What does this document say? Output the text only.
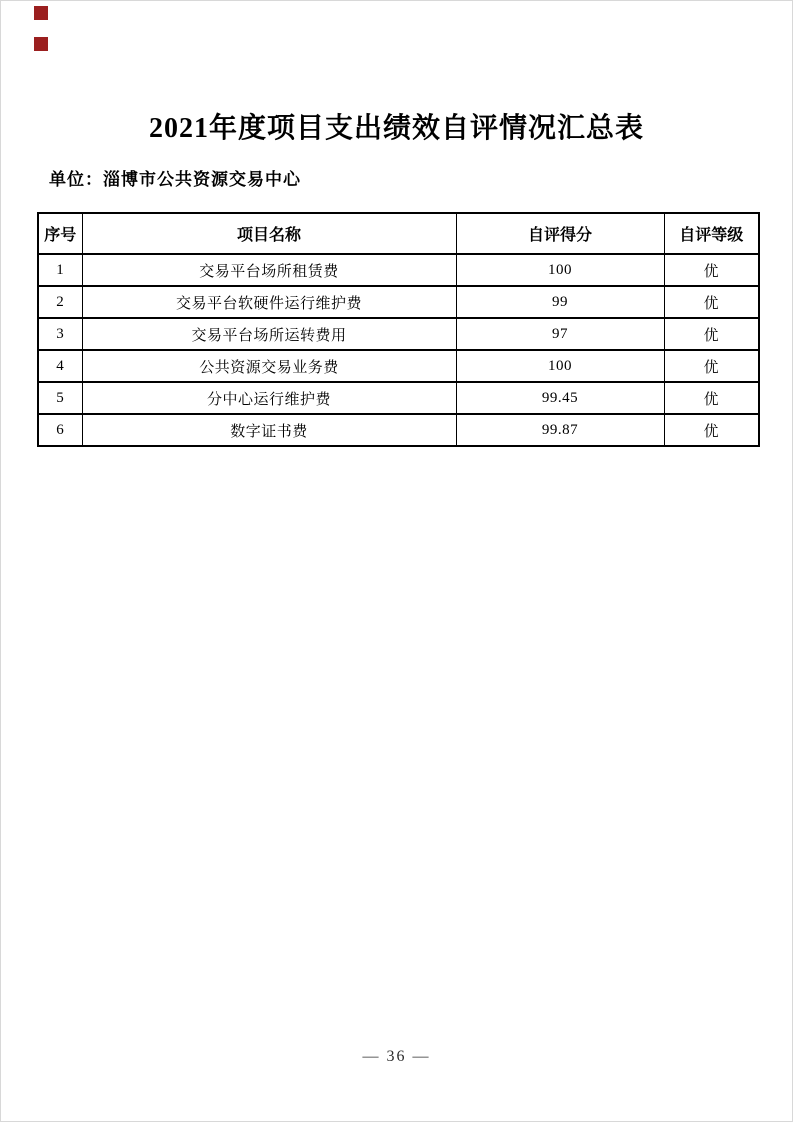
2021年度项目支出绩效自评情况汇总表
单位：淄博市公共资源交易中心
序号	项目名称	自评得分	自评等级
1	交易平台场所租赁费	100	优
2	交易平台软硬件运行维护费	99	优
3	交易平台场所运转费用	97	优
4	公共资源交易业务费	100	优
5	分中心运行维护费	99.45	优
6	数字证书费	99.87	优
— 36 —
